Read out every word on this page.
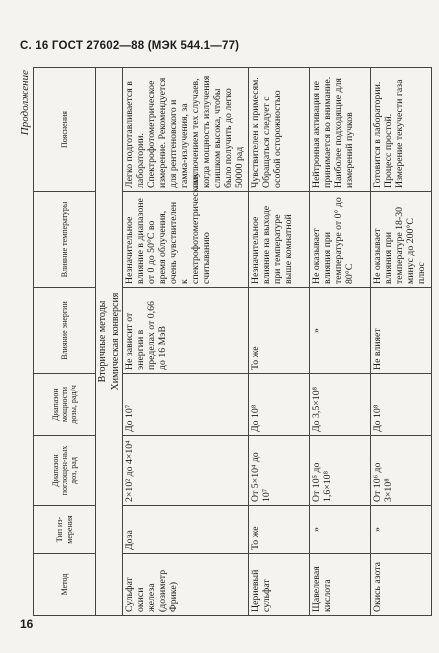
С. 16 ГОСТ 27602—88 (МЭК 544.1—77)
Продолжение
Метод	Тип из-мерения	Диапазон поглощен-ных доз, рад	Диапазон мощности дозы, рад/ч	Влияние энергии	Влияние температуры	Пояснения
Вторичные методы						
Химическая конверсия						
Сульфат окиси железа (дозиметр Фрике)	Доза	2×10² до 4×10⁴	До 10⁷	Не зависит от энергии в пределах от 0,66 до 16 МэВ	Незначительное влияние в диапазоне от 0 до 50°С во время облучения, очень чувствителен к спектрофотометрическому считыванию	Легко подготавливается в лаборатории. Спектрофотометрическое измерение. Рекомендуется для рентгеновского и гамма-излучения, за исключением тех случаев, когда мощность излучения слишком высока, чтобы было получить до легко 50000 рад
Цериевый сульфат	То же	От 5×10⁴ до 10⁷	До 10⁸	То же	Незначительное влияние на выходе при температуре выше комнатной	Чувствителен к примесям. Обращаться следует с особой осторожностью
Щавелевая кислота	»	От 10⁵ до 1,6×10⁸	До 3,5×10⁸	»	Не оказывает влияния при температуре от 0° до 80°С	Нейтронная активация не принимается во внимание. Наиболее подходящие для измерений пучков
Окись азота	»	От 10⁶ до 3×10⁸	До 10⁸	Не влияет	Не оказывает влияния при температуре 18-30 минус до 200°С плюс	Готовится в лаборатории. Процесс простой. Измерение текучести газа
16
